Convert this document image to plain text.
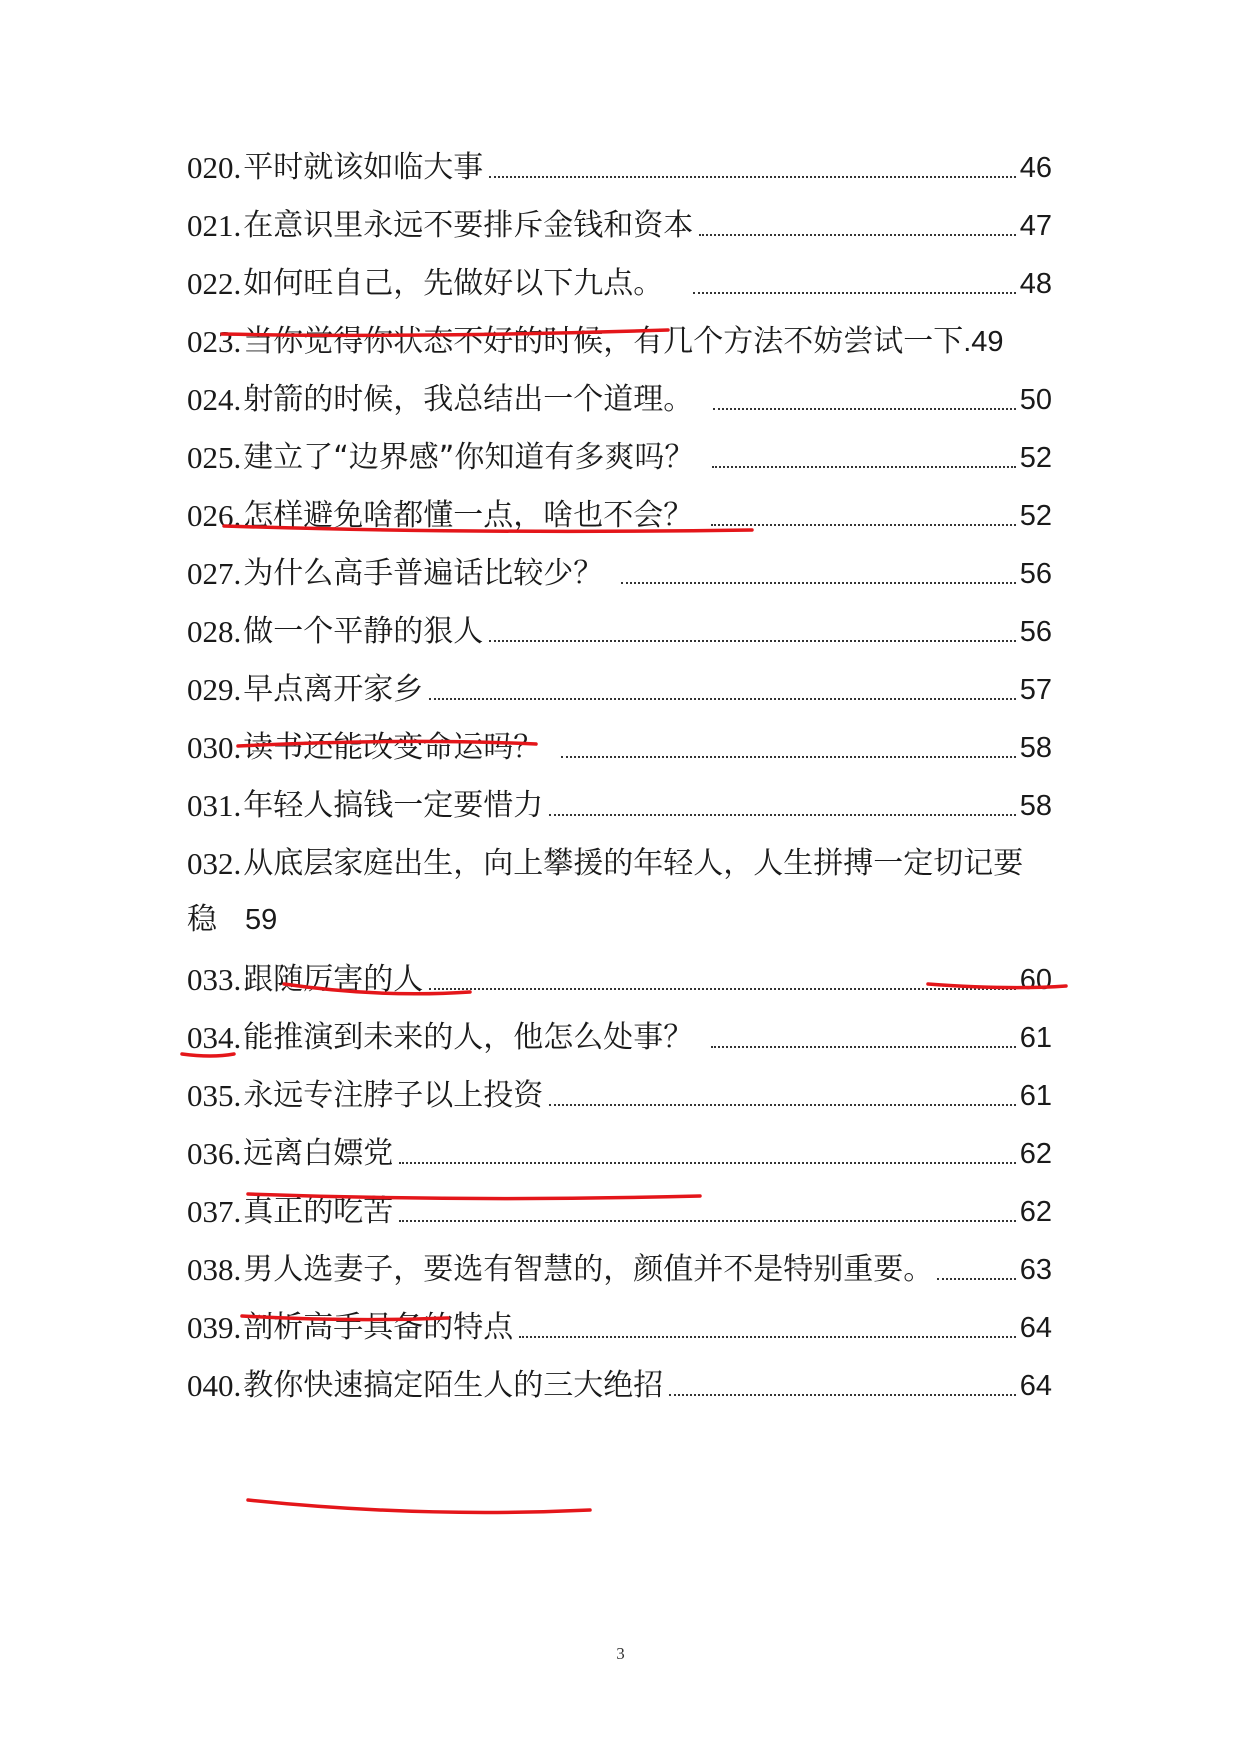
020. 平时就该如临大事	46
021. 在意识里永远不要排斥金钱和资本	47
022. 如何旺自己，先做好以下九点。	48
023. 当你觉得你状态不好的时候，有几个方法不妨尝试一下 .49
024. 射箭的时候，我总结出一个道理。	50
025. 建立了“边界感”你知道有多爽吗？	52
026. 怎样避免啥都懂一点，啥也不会？	52
027. 为什么高手普遍话比较少？	56
028. 做一个平静的狠人	56
029. 早点离开家乡	57
030. 读书还能改变命运吗？	58
031. 年轻人搞钱一定要惜力	58
032. 从底层家庭出生，向上攀援的年轻人，人生拼搏一定切记要
稳 59
033. 跟随厉害的人	60
034. 能推演到未来的人，他怎么处事？	61
035. 永远专注脖子以上投资	61
036. 远离白嫖党	62
037. 真正的吃苦	62
038. 男人选妻子，要选有智慧的，颜值并不是特别重要。	63
039. 剖析高手具备的特点	64
040. 教你快速搞定陌生人的三大绝招	64
3
